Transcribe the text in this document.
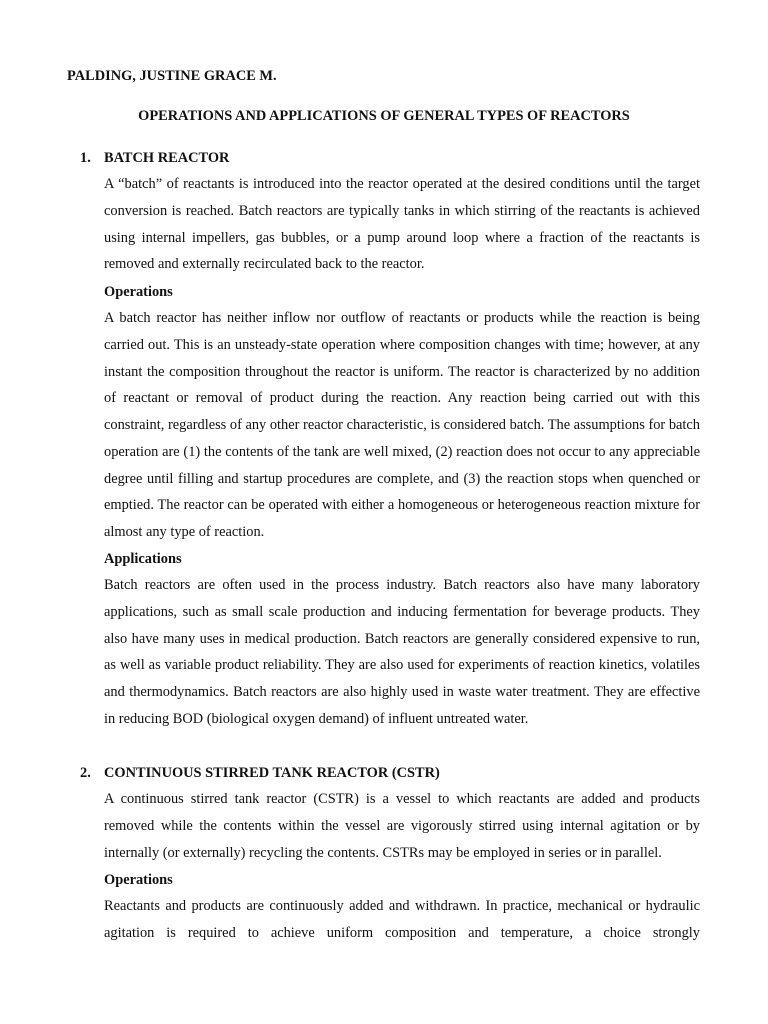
PALDING, JUSTINE GRACE M.
OPERATIONS AND APPLICATIONS OF GENERAL TYPES OF REACTORS
1. BATCH REACTOR

A “batch” of reactants is introduced into the reactor operated at the desired conditions until the target conversion is reached. Batch reactors are typically tanks in which stirring of the reactants is achieved using internal impellers, gas bubbles, or a pump around loop where a fraction of the reactants is removed and externally recirculated back to the reactor.

Operations

A batch reactor has neither inflow nor outflow of reactants or products while the reaction is being carried out. This is an unsteady-state operation where composition changes with time; however, at any instant the composition throughout the reactor is uniform. The reactor is characterized by no addition of reactant or removal of product during the reaction. Any reaction being carried out with this constraint, regardless of any other reactor characteristic, is considered batch. The assumptions for batch operation are (1) the contents of the tank are well mixed, (2) reaction does not occur to any appreciable degree until filling and startup procedures are complete, and (3) the reaction stops when quenched or emptied. The reactor can be operated with either a homogeneous or heterogeneous reaction mixture for almost any type of reaction.

Applications

Batch reactors are often used in the process industry. Batch reactors also have many laboratory applications, such as small scale production and inducing fermentation for beverage products. They also have many uses in medical production. Batch reactors are generally considered expensive to run, as well as variable product reliability. They are also used for experiments of reaction kinetics, volatiles and thermodynamics. Batch reactors are also highly used in waste water treatment. They are effective in reducing BOD (biological oxygen demand) of influent untreated water.

2. CONTINUOUS STIRRED TANK REACTOR (CSTR)

A continuous stirred tank reactor (CSTR) is a vessel to which reactants are added and products removed while the contents within the vessel are vigorously stirred using internal agitation or by internally (or externally) recycling the contents. CSTRs may be employed in series or in parallel.

Operations

Reactants and products are continuously added and withdrawn. In practice, mechanical or hydraulic agitation is required to achieve uniform composition and temperature, a choice strongly
